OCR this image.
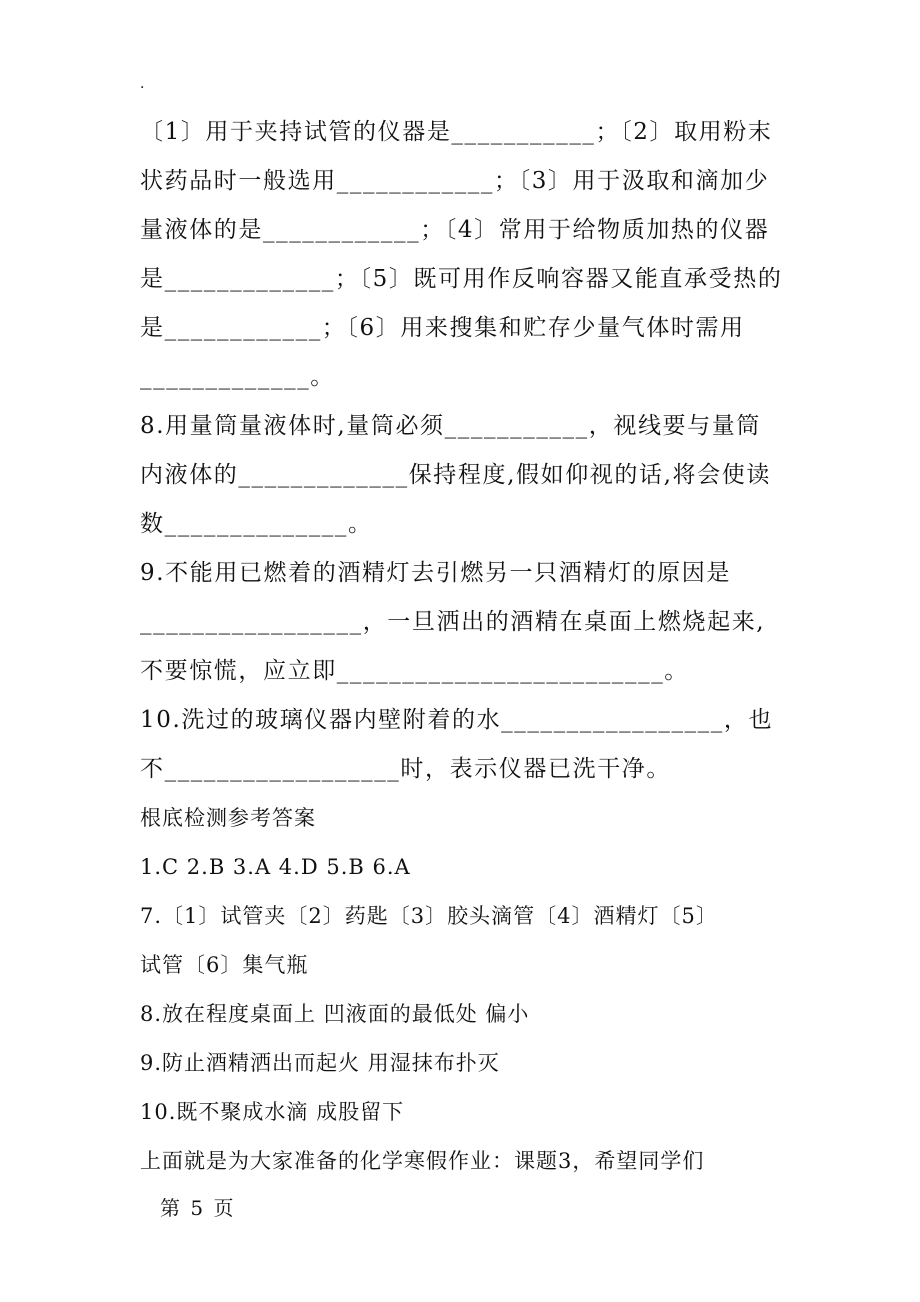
.
〔1〕用于夹持试管的仪器是___________；〔2〕取用粉末
状药品时一般选用____________；〔3〕用于汲取和滴加少
量液体的是____________；〔4〕常用于给物质加热的仪器
是_____________；〔5〕既可用作反响容器又能直承受热的
是____________；〔6〕用来搜集和贮存少量气体时需用
_____________。
8.用量筒量液体时,量筒必须___________，视线要与量筒
内液体的_____________保持程度,假如仰视的话,将会使读
数______________。
9.不能用已燃着的酒精灯去引燃另一只酒精灯的原因是
_________________，一旦洒出的酒精在桌面上燃烧起来,
不要惊慌，应立即_________________________。
10.洗过的玻璃仪器内壁附着的水_________________，也
不__________________时，表示仪器已洗干净。
根底检测参考答案
1.C 2.B 3.A 4.D 5.B 6.A
7.〔1〕试管夹〔2〕药匙〔3〕胶头滴管〔4〕酒精灯〔5〕
试管〔6〕集气瓶
8.放在程度桌面上 凹液面的最低处 偏小
9.防止酒精洒出而起火 用湿抹布扑灭
10.既不聚成水滴 成股留下
上面就是为大家准备的化学寒假作业：课题3，希望同学们
第 5 页
